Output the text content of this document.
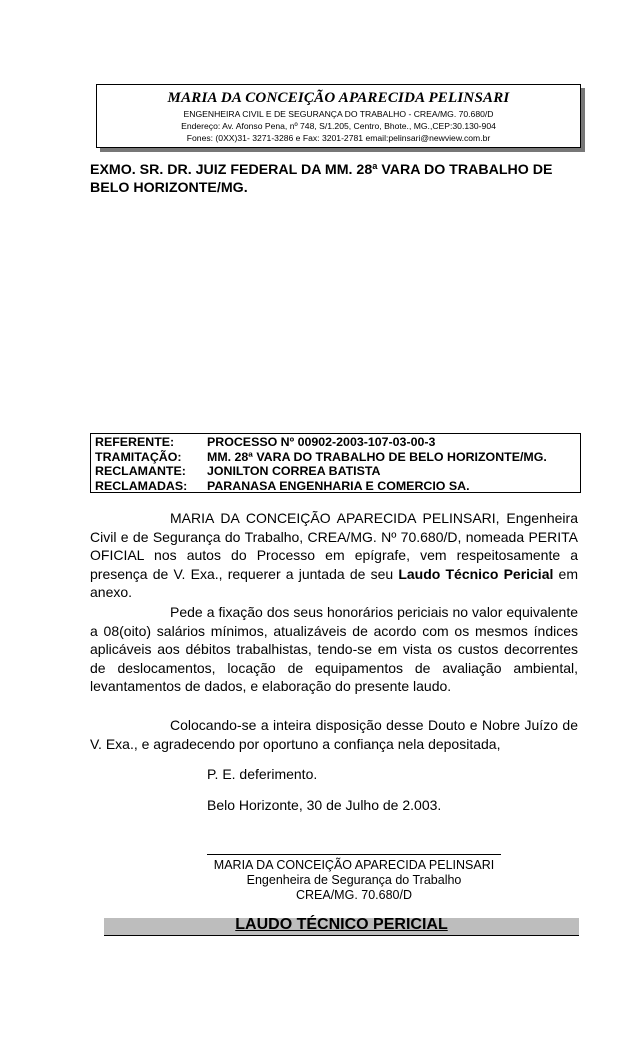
MARIA DA CONCEIÇÃO APARECIDA PELINSARI
ENGENHEIRA CIVIL E DE SEGURANÇA DO TRABALHO - CREA/MG. 70.680/D
Endereço: Av. Afonso Pena, nº 748, S/1.205, Centro, Bhote., MG.,CEP:30.130-904
Fones: (0XX)31- 3271-3286 e Fax: 3201-2781 email:pelinsari@newview.com.br
EXMO. SR. DR. JUIZ FEDERAL DA MM. 28ª VARA DO TRABALHO DE
BELO HORIZONTE/MG.
REFERENTE:	PROCESSO Nº 00902-2003-107-03-00-3
TRAMITAÇÃO:	MM. 28ª VARA DO TRABALHO DE BELO HORIZONTE/MG.
RECLAMANTE:	JONILTON CORREA BATISTA
RECLAMADAS:	PARANASA ENGENHARIA E COMERCIO SA.
MARIA DA CONCEIÇÃO APARECIDA PELINSARI, Engenheira Civil e de Segurança do Trabalho, CREA/MG. Nº 70.680/D, nomeada PERITA OFICIAL nos autos do Processo em epígrafe, vem respeitosamente a presença de V. Exa., requerer a juntada de seu Laudo Técnico Pericial em anexo.
Pede a fixação dos seus honorários periciais no valor equivalente a 08(oito) salários mínimos, atualizáveis de acordo com os mesmos índices aplicáveis aos débitos trabalhistas, tendo-se em vista os custos decorrentes de deslocamentos, locação de equipamentos de avaliação ambiental, levantamentos de dados, e elaboração do presente laudo.
Colocando-se a inteira disposição desse Douto e Nobre Juízo de V. Exa., e agradecendo por oportuno a confiança nela depositada,
P. E. deferimento.
Belo Horizonte, 30 de Julho de 2.003.
MARIA DA CONCEIÇÃO APARECIDA PELINSARI
Engenheira de Segurança do Trabalho
CREA/MG. 70.680/D
LAUDO TÉCNICO PERICIAL
